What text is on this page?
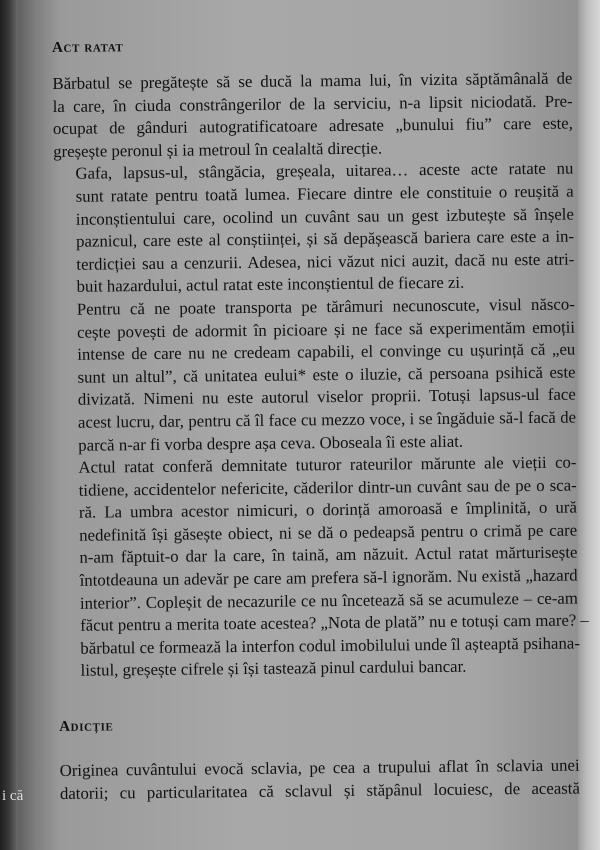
i că
Act ratat
Bărbatul se pregătește să se ducă la mama lui, în vizita săptămânală de
la care, în ciuda constrângerilor de la serviciu, n-a lipsit niciodată. Pre-
ocupat de gânduri autogratificatoare adresate „bunului fiu” care este,
greșește peronul și ia metroul în cealaltă direcție.
Gafa, lapsus-ul, stângăcia, greșeala, uitarea… aceste acte ratate nu
sunt ratate pentru toată lumea. Fiecare dintre ele constituie o reușită a
inconștientului care, ocolind un cuvânt sau un gest izbutește să înșele
paznicul, care este al conștiinței, și să depășească bariera care este a in-
terdicției sau a cenzurii. Adesea, nici văzut nici auzit, dacă nu este atri-
buit hazardului, actul ratat este inconștientul de fiecare zi.
Pentru că ne poate transporta pe tărâmuri necunoscute, visul născo-
cește povești de adormit în picioare și ne face să experimentăm emoții
intense de care nu ne credeam capabili, el convinge cu ușurință că „eu
sunt un altul”, că unitatea eului* este o iluzie, că persoana psihică este
divizată. Nimeni nu este autorul viselor proprii. Totuși lapsus-ul face
acest lucru, dar, pentru că îl face cu mezzo voce, i se îngăduie să-l facă de
parcă n-ar fi vorba despre așa ceva. Oboseala îi este aliat.
Actul ratat conferă demnitate tuturor rateurilor mărunte ale vieții co-
tidiene, accidentelor nefericite, căderilor dintr-un cuvânt sau de pe o sca-
ră. La umbra acestor nimicuri, o dorință amoroasă e împlinită, o ură
nedefinită își găsește obiect, ni se dă o pedeapsă pentru o crimă pe care
n-am făptuit-o dar la care, în taină, am năzuit. Actul ratat mărturisește
întotdeauna un adevăr pe care am prefera să-l ignorăm. Nu există „hazard
interior”. Copleșit de necazurile ce nu încetează să se acumuleze – ce-am
făcut pentru a merita toate acestea? „Nota de plată” nu e totuși cam mare? –
bărbatul ce formează la interfon codul imobilului unde îl așteaptă psihana-
listul, greșește cifrele și își tastează pinul cardului bancar.
Adicție
Originea cuvântului evocă sclavia, pe cea a trupului aflat în sclavia unei
datorii; cu particularitatea că sclavul și stăpânul locuiesc, de această
